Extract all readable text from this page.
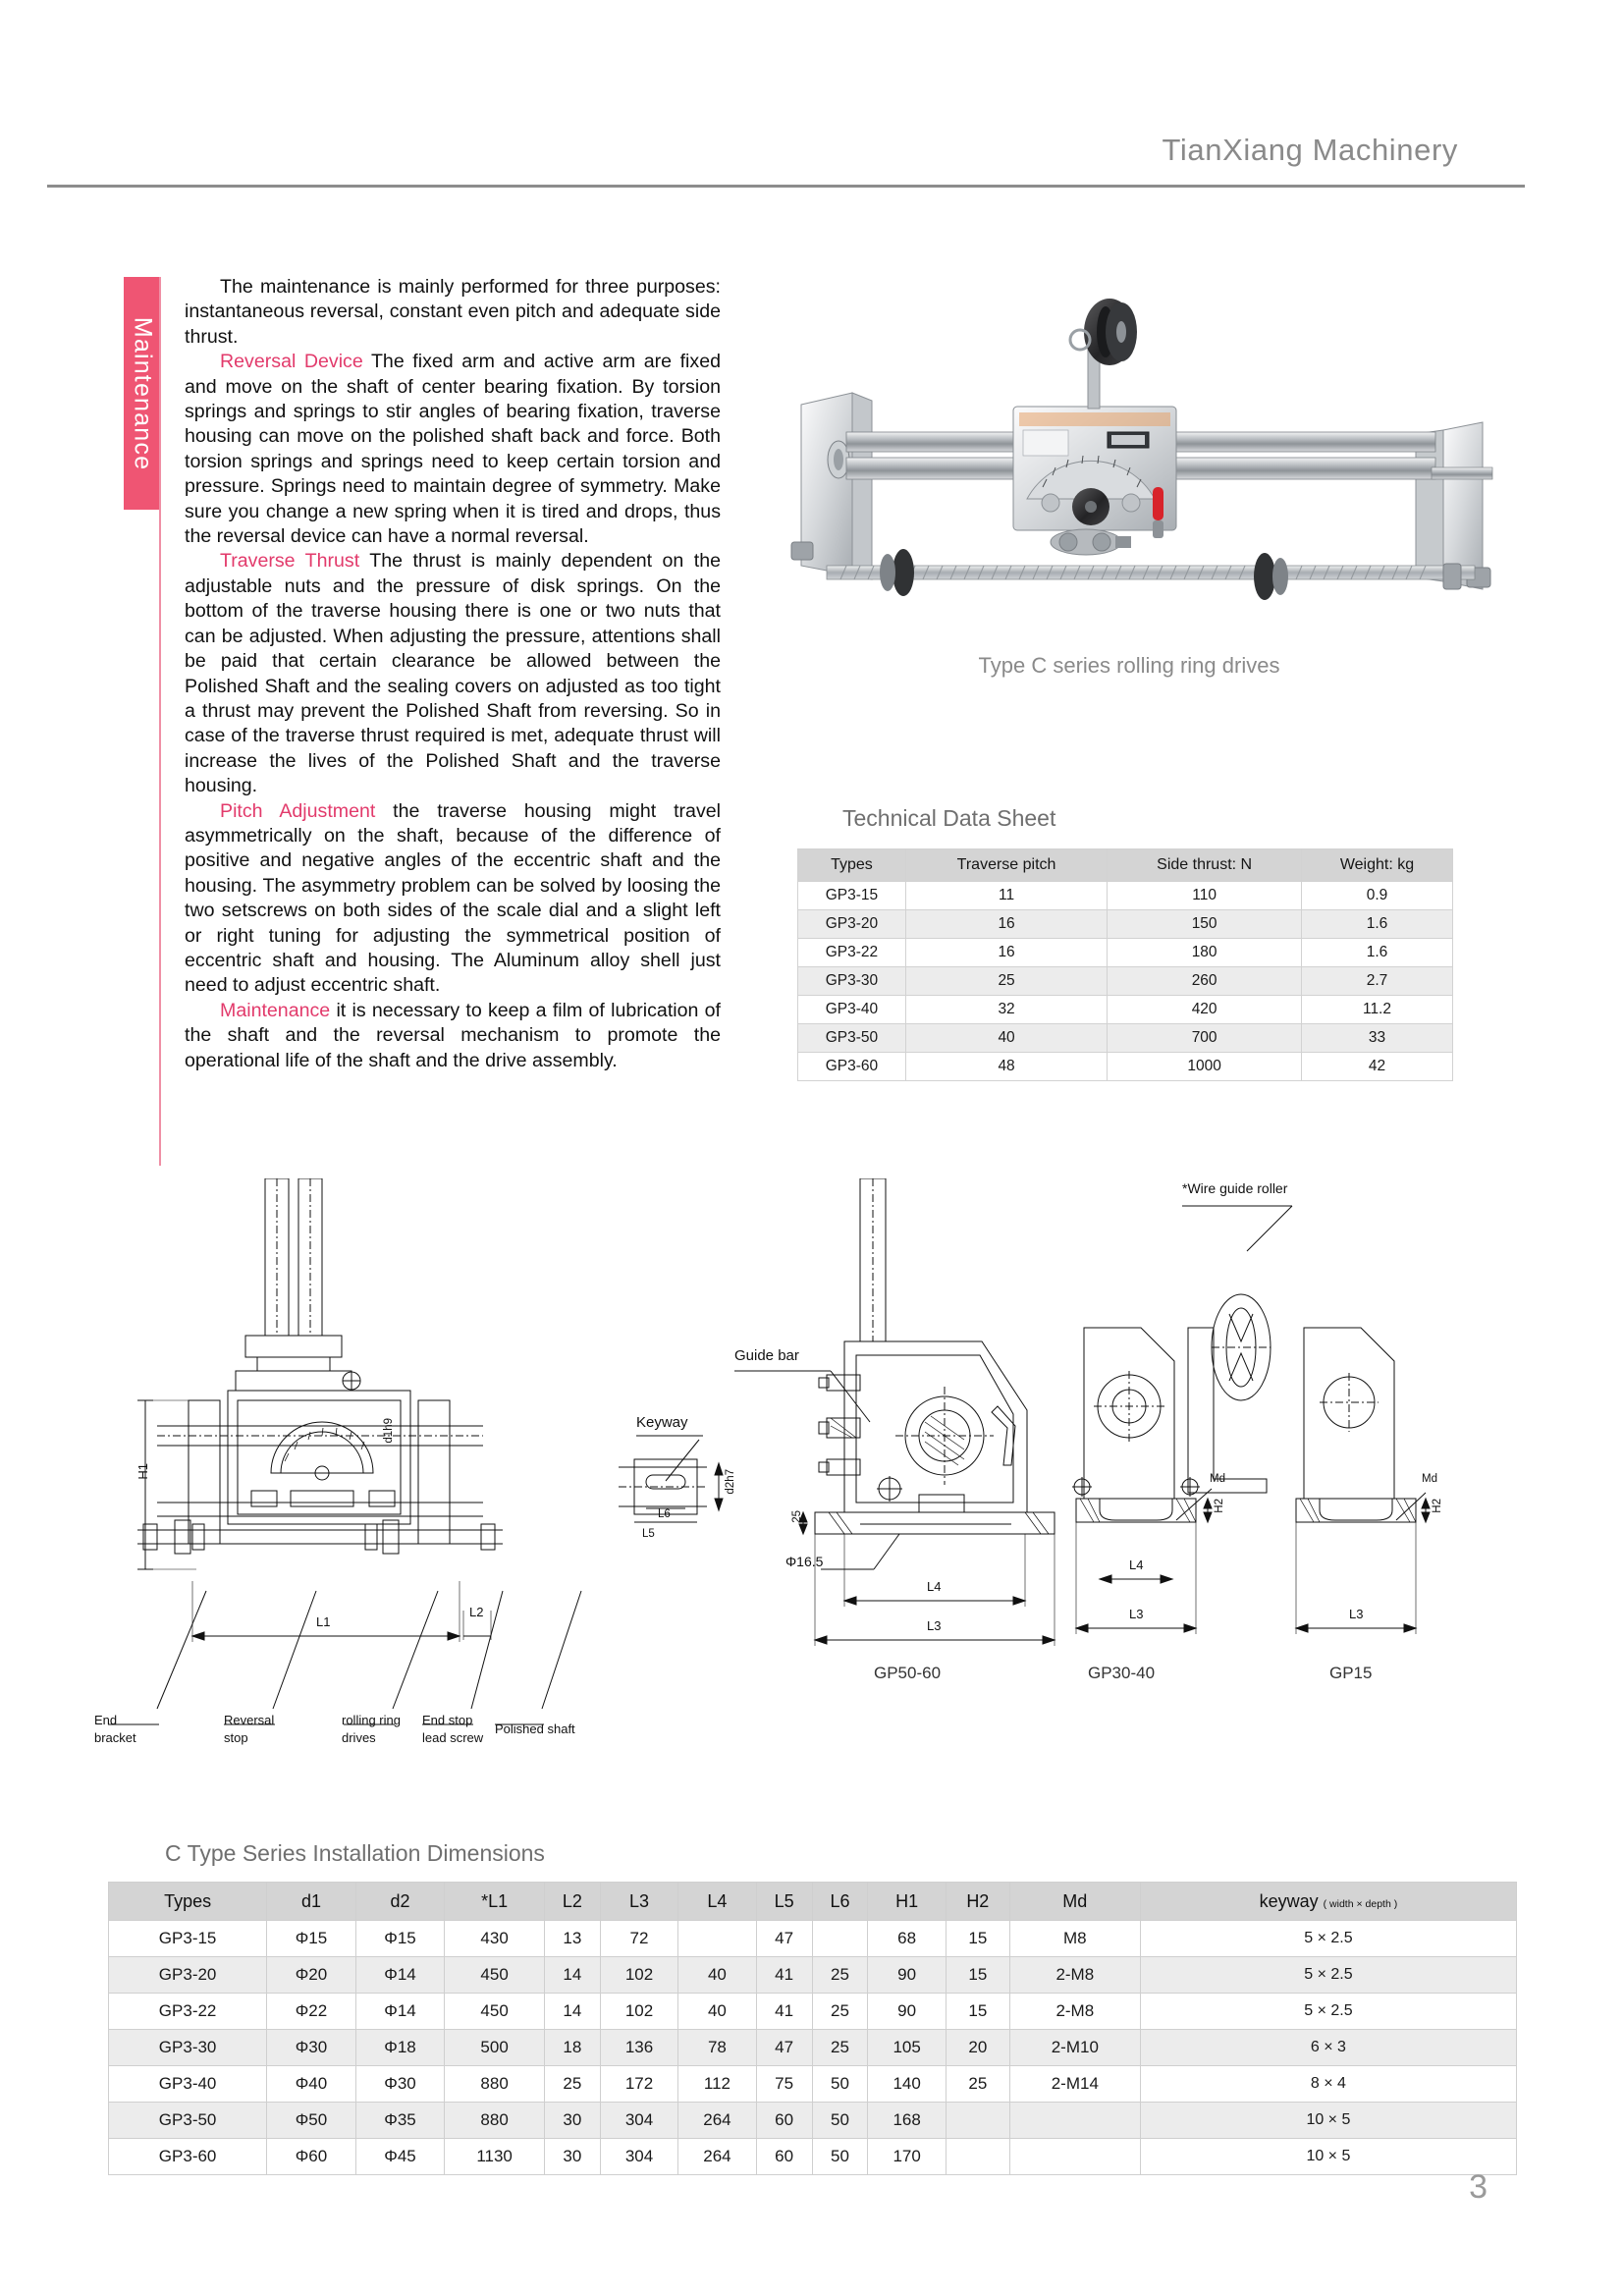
TianXiang Machinery
Maintenance

The maintenance is mainly performed for three purposes: instantaneous reversal, constant even pitch and adequate side thrust.

Reversal Device The fixed arm and active arm are fixed and move on the shaft of center bearing fixation. By torsion springs and springs to stir angles of bearing fixation, traverse housing can move on the polished shaft back and force. Both torsion springs and springs need to keep certain torsion and pressure. Springs need to maintain degree of symmetry. Make sure you change a new spring when it is tired and drops, thus the reversal device can have a normal reversal.

Traverse Thrust The thrust is mainly dependent on the adjustable nuts and the pressure of disk springs. On the bottom of the traverse housing there is one or two nuts that can be adjusted. When adjusting the pressure, attentions shall be paid that certain clearance be allowed between the Polished Shaft and the sealing covers on adjusted as too tight a thrust may prevent the Polished Shaft from reversing. So in case of the traverse thrust required is met, adequate thrust will increase the lives of the Polished Shaft and the traverse housing.

Pitch Adjustment the traverse housing might travel asymmetrically on the shaft, because of the difference of positive and negative angles of the eccentric shaft and the housing. The asymmetry problem can be solved by loosing the two setscrews on both sides of the scale dial and a slight left or right tuning for adjusting the symmetrical position of eccentric shaft and housing. The Aluminum alloy shell just need to adjust eccentric shaft.

Maintenance it is necessary to keep a film of lubrication of the shaft and the reversal mechanism to promote the operational life of the shaft and the drive assembly.

Type C series rolling ring drives
Technical Data Sheet
Types	Traverse pitch	Side thrust: N	Weight: kg
GP3-15	11	110	0.9
GP3-20	16	150	1.6
GP3-22	16	180	1.6
GP3-30	25	260	2.7
GP3-40	32	420	11.2
GP3-50	40	700	33
GP3-60	48	1000	42
End
bracket
Reversal
stop
rolling ring
drives
End stop
lead screw
Polished shaft
Keyway
Guide bar
*Wire guide roller
Φ16.5
H1
L1
L2
L6
L5
d2h7
d1h9
25
L4
L3
L4
L3	L3
Md	Md
H2	H2
GP50-60	GP30-40	GP15
C Type Series Installation Dimensions
Types	d1	d2	*L1	L2	L3	L4	L5	L6	H1	H2	Md	keyway ( width × depth )
GP3-15	Φ15	Φ15	430	13	72		47		68	15	M8	5 × 2.5
GP3-20	Φ20	Φ14	450	14	102	40	41	25	90	15	2-M8	5 × 2.5
GP3-22	Φ22	Φ14	450	14	102	40	41	25	90	15	2-M8	5 × 2.5
GP3-30	Φ30	Φ18	500	18	136	78	47	25	105	20	2-M10	6 × 3
GP3-40	Φ40	Φ30	880	25	172	112	75	50	140	25	2-M14	8 × 4
GP3-50	Φ50	Φ35	880	30	304	264	60	50	168			10 × 5
GP3-60	Φ60	Φ45	1130	30	304	264	60	50	170			10 × 5
3
